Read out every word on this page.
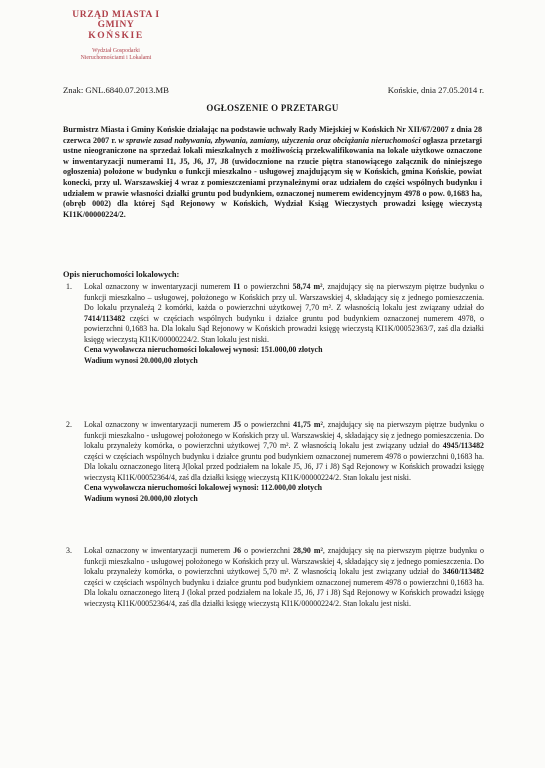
URZĄD MIASTA I GMINY
KOŃSKIE
Wydział Gospodarki
Nieruchomościami i Lokalami
Znak: GNL.6840.07.2013.MB	Końskie, dnia 27.05.2014 r.
OGŁOSZENIE O PRZETARGU
Burmistrz Miasta i Gminy Końskie działając na podstawie uchwały Rady Miejskiej w Końskich Nr XII/67/2007 z dnia 28 czerwca 2007 r. w sprawie zasad nabywania, zbywania, zamiany, użyczenia oraz obciążania nieruchomości ogłasza przetargi ustne nieograniczone na sprzedaż lokali mieszkalnych z możliwością przekwalifikowania na lokale użytkowe oznaczone w inwentaryzacji numerami I1, J5, J6, J7, J8 (uwidocznione na rzucie piętra stanowiącego załącznik do niniejszego ogłoszenia) położone w budynku o funkcji mieszkalno - usługowej znajdującym się w Końskich, gmina Końskie, powiat konecki, przy ul. Warszawskiej 4 wraz z pomieszczeniami przynależnymi oraz udziałem do części wspólnych budynku i udziałem w prawie własności działki gruntu pod budynkiem, oznaczonej numerem ewidencyjnym 4978 o pow. 0,1683 ha, (obręb 0002) dla której Sąd Rejonowy w Końskich, Wydział Ksiąg Wieczystych prowadzi księgę wieczystą KI1K/00000224/2.
Opis nieruchomości lokalowych:
1.	Lokal oznaczony w inwentaryzacji numerem I1 o powierzchni 58,74 m², znajdujący się na pierwszym piętrze budynku o funkcji mieszkalno – usługowej, położonego w Końskich przy ul. Warszawskiej 4, składający się z jednego pomieszczenia. Do lokalu przynależą 2 komórki, każda o powierzchni użytkowej 7,70 m². Z własnością lokalu jest związany udział do 7414/113482 części w częściach wspólnych budynku i działce gruntu pod budynkiem oznaczonej numerem 4978, o powierzchni 0,1683 ha. Dla lokalu Sąd Rejonowy w Końskich prowadzi księgę wieczystą KI1K/00052363/7, zaś dla działki księgę wieczystą KI1K/00000224/2. Stan lokalu jest niski.
Cena wywoławcza nieruchomości lokalowej wynosi: 151.000,00 złotych
Wadium wynosi 20.000,00 złotych
2.	Lokal oznaczony w inwentaryzacji numerem J5 o powierzchni 41,75 m², znajdujący się na pierwszym piętrze budynku o funkcji mieszkalno - usługowej położonego w Końskich przy ul. Warszawskiej 4, składający się z jednego pomieszczenia. Do lokalu przynależy komórka, o powierzchni użytkowej 7,70 m². Z własnością lokalu jest związany udział do 4945/113482 części w częściach wspólnych budynku i działce gruntu pod budynkiem oznaczonej numerem 4978 o powierzchni 0,1683 ha. Dla lokalu oznaczonego literą J(lokal przed podziałem na lokale J5, J6, J7 i J8) Sąd Rejonowy w Końskich prowadzi księgę wieczystą KI1K/00052364/4, zaś dla działki księgę wieczystą KI1K/00000224/2. Stan lokalu jest niski.
Cena wywoławcza nieruchomości lokalowej wynosi: 112.000,00 złotych
Wadium wynosi 20.000,00 złotych
3.	Lokal oznaczony w inwentaryzacji numerem J6 o powierzchni 28,90 m², znajdujący się na pierwszym piętrze budynku o funkcji mieszkalno - usługowej położonego w Końskich przy ul. Warszawskiej 4, składający się z jednego pomieszczenia. Do lokalu przynależy komórka, o powierzchni użytkowej 5,70 m². Z własnością lokalu jest związany udział do 3460/113482 części w częściach wspólnych budynku i działce gruntu pod budynkiem oznaczonej numerem 4978 o powierzchni 0,1683 ha. Dla lokalu oznaczonego literą J (lokal przed podziałem na lokale J5, J6, J7 i J8) Sąd Rejonowy w Końskich prowadzi księgę wieczystą KI1K/00052364/4, zaś dla działki księgę wieczystą KI1K/00000224/2. Stan lokalu jest niski.
